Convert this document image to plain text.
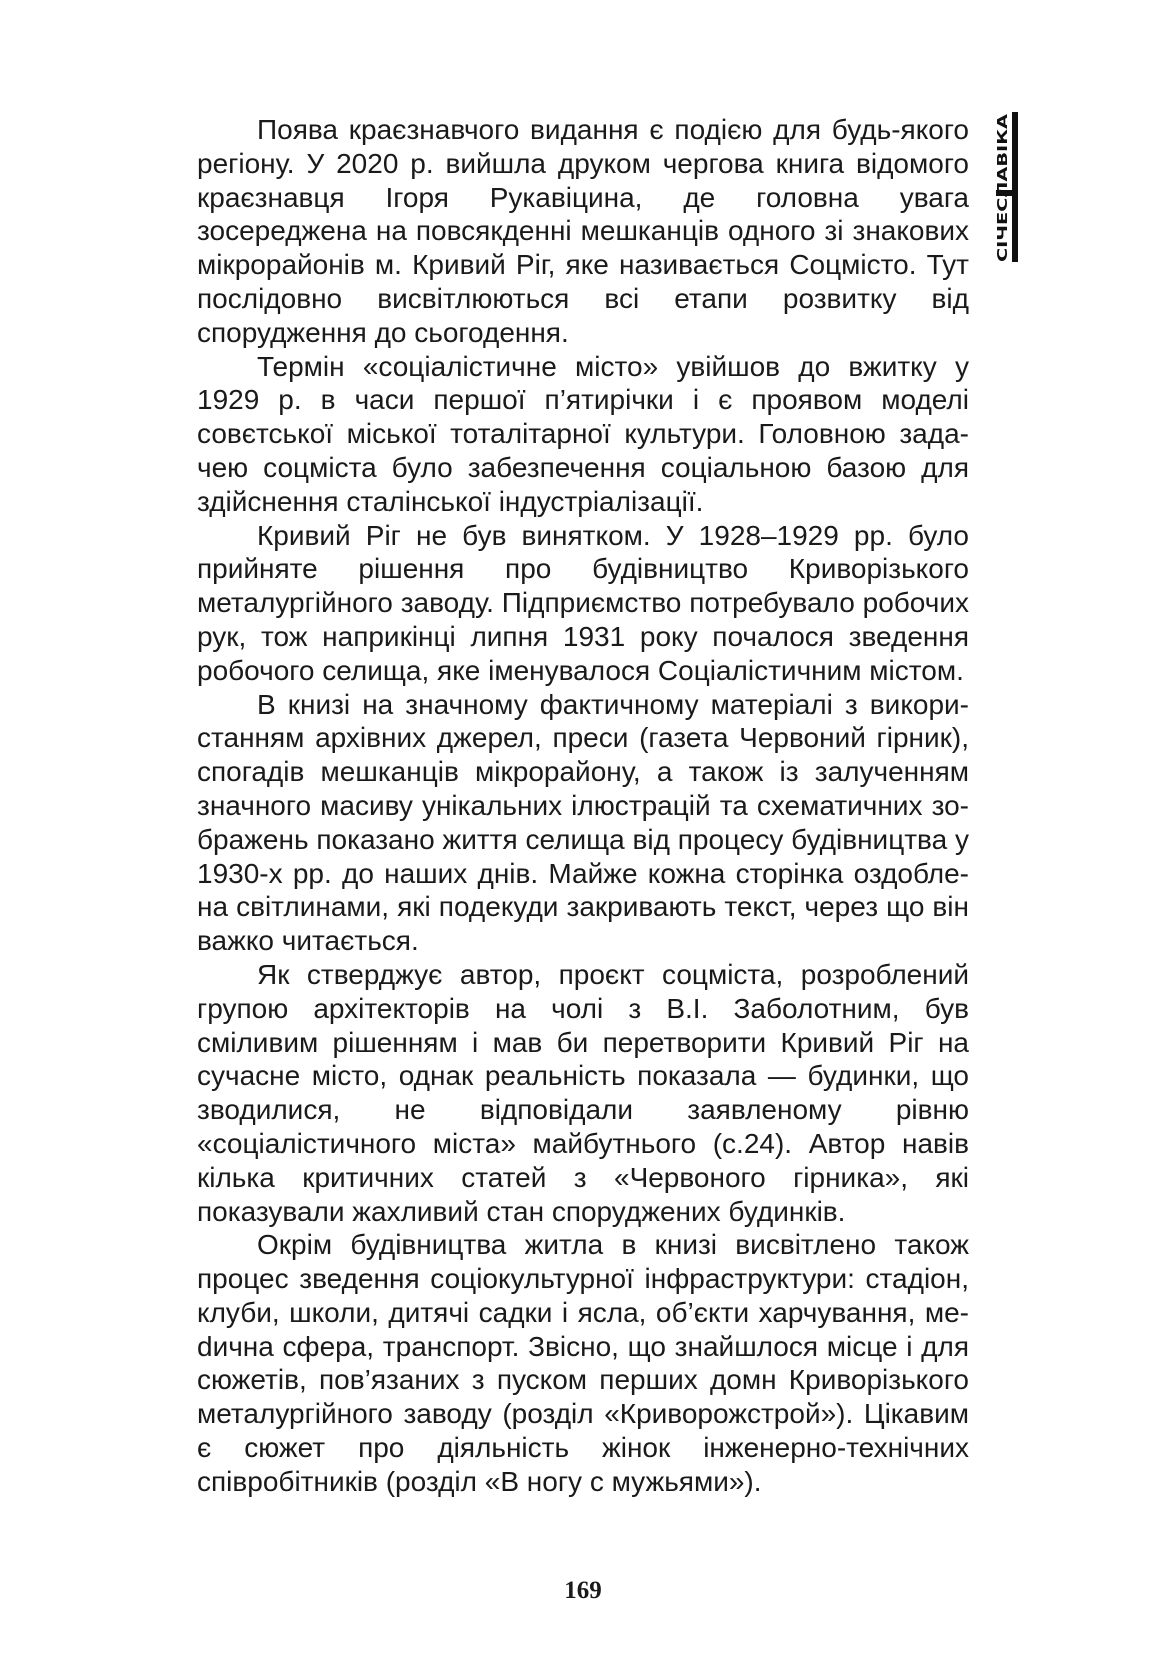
СІЧЕСЛАВІКА

Поява краєзнавчого видання є подією для будь-якого регіону. У 2020 р. вийшла друком чергова книга відомого краєзнавця Ігоря Рукавіцина, де головна увага зосереджена на повсякденні мешканців одного зі знакових мікрорайонів м. Кривий Ріг, яке називається Соцмісто. Тут послідовно висвітлюються всі етапи розвитку від спорудження до сьогодення.

Термін «соціалістичне місто» увійшов до вжитку у 1929 р. в часи першої п’ятирічки і є проявом моделі совєтської міської тоталітарної культури. Головною задачею соцміста було забезпечення соціальною базою для здійснення сталінської індустріалізації.

Кривий Ріг не був винятком. У 1928–1929 рр. було прийняте рішення про будівництво Криворізького металургійного заводу. Підприємство потребувало робочих рук, тож наприкінці липня 1931 року почалося зведення робочого селища, яке іменувалося Соціалістичним містом.

В книзі на значному фактичному матеріалі з використанням архівних джерел, преси (газета Червоний гірник), спогадів мешканців мікрорайону, а також із залученням значного масиву унікальних ілюстрацій та схематичних зображень показано життя селища від процесу будівництва у 1930-х рр. до наших днів. Майже кожна сторінка оздоблена світлинами, які подекуди закривають текст, через що він важко читається.

Як стверджує автор, проєкт соцміста, розроблений групою архітекторів на чолі з В.І. Заболотним, був сміливим рішенням і мав би перетворити Кривий Ріг на сучасне місто, однак реальність показала — будинки, що зводилися, не відповідали заявленому рівню «соціалістичного міста» майбутнього (с.24). Автор навів кілька критичних статей з «Червоного гірника», які показували жахливий стан споруджених будинків.

Окрім будівництва житла в книзі висвітлено також процес зведення соціокультурної інфраструктури: стадіон, клуби, школи, дитячі садки і ясла, об’єкти харчування, меdична сфера, транспорт. Звісно, що знайшлося місце і для сюжетів, пов’язаних з пуском перших домн Криворізького металургійного заводу (розділ «Криворожстрой»). Цікавим є сюжет про діяльність жінок інженерно-технічних співробітників (розділ «В ногу с мужьями»).

169
